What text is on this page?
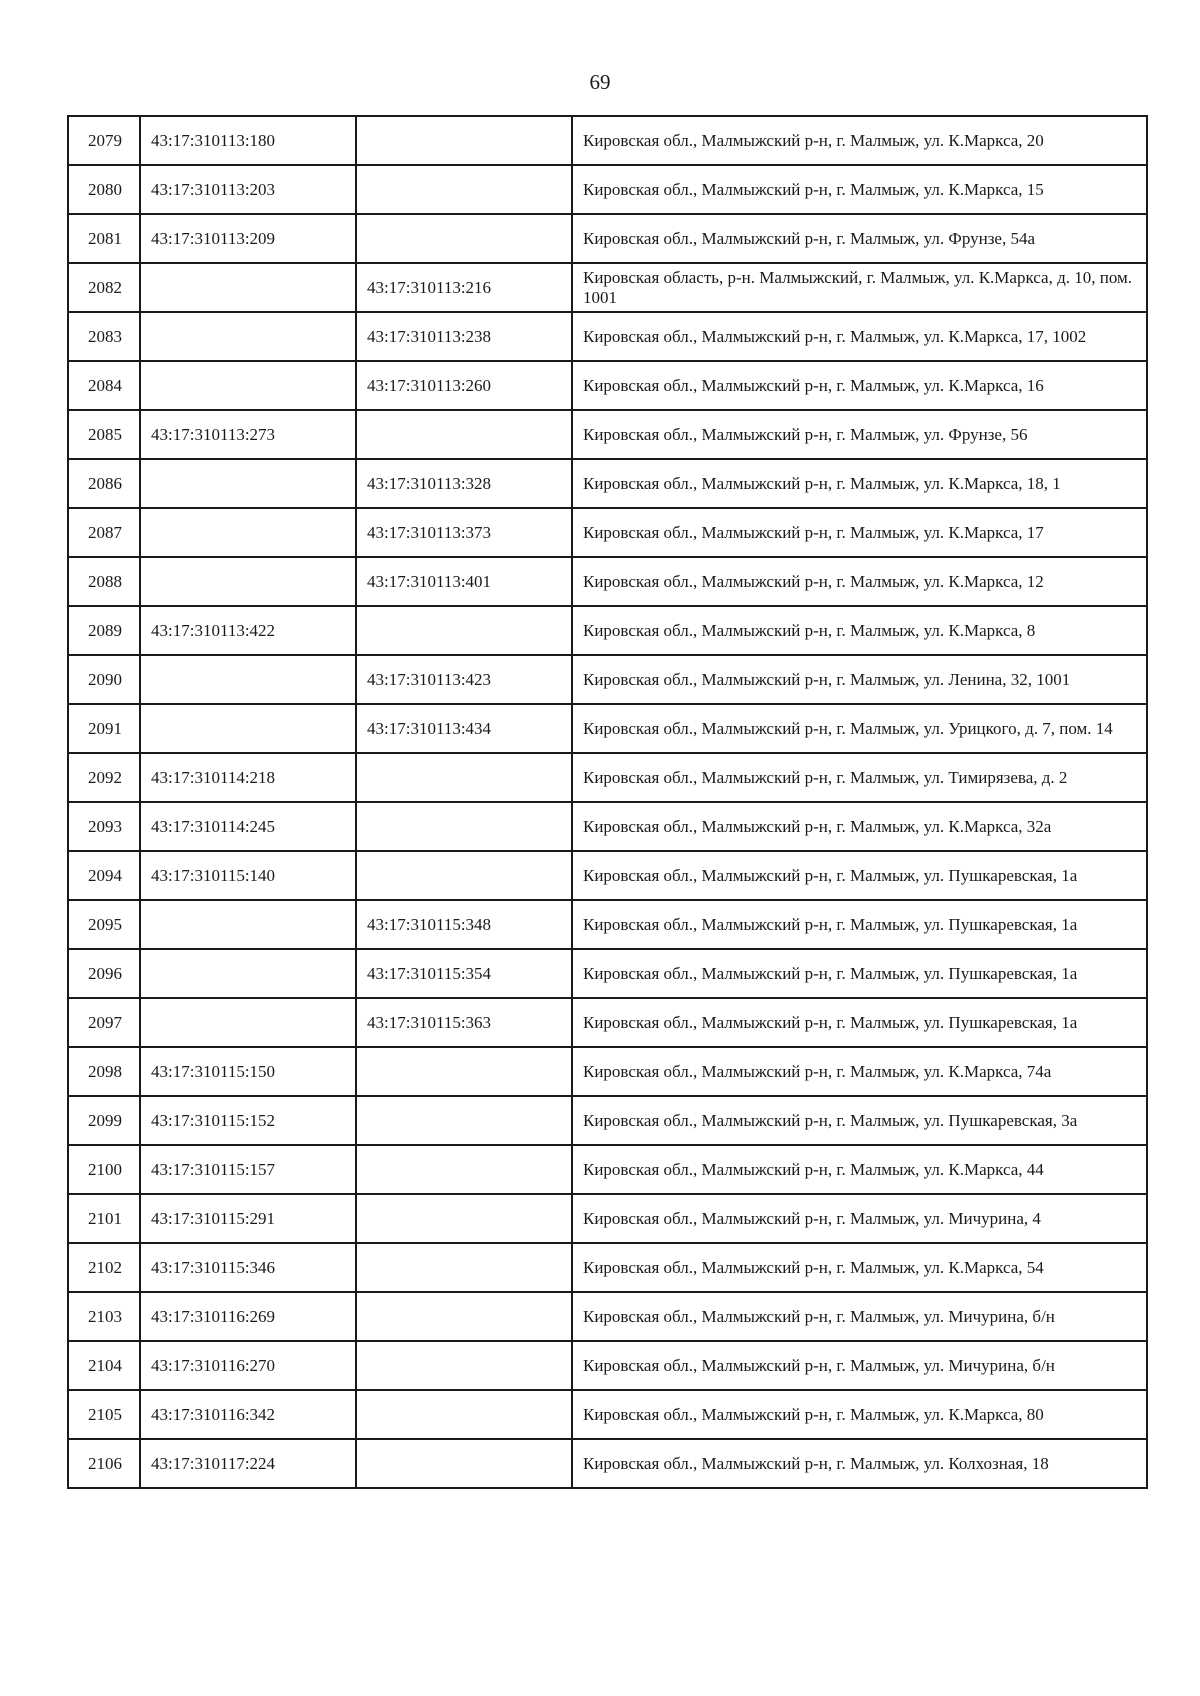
69
2079	43:17:310113:180		Кировская обл., Малмыжский р-н, г. Малмыж, ул. К.Маркса, 20
2080	43:17:310113:203		Кировская обл., Малмыжский р-н, г. Малмыж, ул. К.Маркса, 15
2081	43:17:310113:209		Кировская обл., Малмыжский р-н, г. Малмыж, ул. Фрунзе, 54а
2082		43:17:310113:216	Кировская область, р-н. Малмыжский, г. Малмыж, ул. К.Маркса, д. 10, пом. 1001
2083		43:17:310113:238	Кировская обл., Малмыжский р-н, г. Малмыж, ул. К.Маркса, 17, 1002
2084		43:17:310113:260	Кировская обл., Малмыжский р-н, г. Малмыж, ул. К.Маркса, 16
2085	43:17:310113:273		Кировская обл., Малмыжский р-н, г. Малмыж, ул. Фрунзе, 56
2086		43:17:310113:328	Кировская обл., Малмыжский р-н, г. Малмыж, ул. К.Маркса, 18, 1
2087		43:17:310113:373	Кировская обл., Малмыжский р-н, г. Малмыж, ул. К.Маркса, 17
2088		43:17:310113:401	Кировская обл., Малмыжский р-н, г. Малмыж, ул. К.Маркса, 12
2089	43:17:310113:422		Кировская обл., Малмыжский р-н, г. Малмыж, ул. К.Маркса, 8
2090		43:17:310113:423	Кировская обл., Малмыжский р-н, г. Малмыж, ул. Ленина, 32, 1001
2091		43:17:310113:434	Кировская обл., Малмыжский р-н, г. Малмыж, ул. Урицкого, д. 7, пом. 14
2092	43:17:310114:218		Кировская обл., Малмыжский р-н, г. Малмыж, ул. Тимирязева, д. 2
2093	43:17:310114:245		Кировская обл., Малмыжский р-н, г. Малмыж, ул. К.Маркса, 32а
2094	43:17:310115:140		Кировская обл., Малмыжский р-н, г. Малмыж, ул. Пушкаревская, 1а
2095		43:17:310115:348	Кировская обл., Малмыжский р-н, г. Малмыж, ул. Пушкаревская, 1а
2096		43:17:310115:354	Кировская обл., Малмыжский р-н, г. Малмыж, ул. Пушкаревская, 1а
2097		43:17:310115:363	Кировская обл., Малмыжский р-н, г. Малмыж, ул. Пушкаревская, 1а
2098	43:17:310115:150		Кировская обл., Малмыжский р-н, г. Малмыж, ул. К.Маркса, 74а
2099	43:17:310115:152		Кировская обл., Малмыжский р-н, г. Малмыж, ул. Пушкаревская, 3а
2100	43:17:310115:157		Кировская обл., Малмыжский р-н, г. Малмыж, ул. К.Маркса, 44
2101	43:17:310115:291		Кировская обл., Малмыжский р-н, г. Малмыж, ул. Мичурина, 4
2102	43:17:310115:346		Кировская обл., Малмыжский р-н, г. Малмыж, ул. К.Маркса, 54
2103	43:17:310116:269		Кировская обл., Малмыжский р-н, г. Малмыж, ул. Мичурина, б/н
2104	43:17:310116:270		Кировская обл., Малмыжский р-н, г. Малмыж, ул. Мичурина, б/н
2105	43:17:310116:342		Кировская обл., Малмыжский р-н, г. Малмыж, ул. К.Маркса, 80
2106	43:17:310117:224		Кировская обл., Малмыжский р-н, г. Малмыж, ул. Колхозная, 18
